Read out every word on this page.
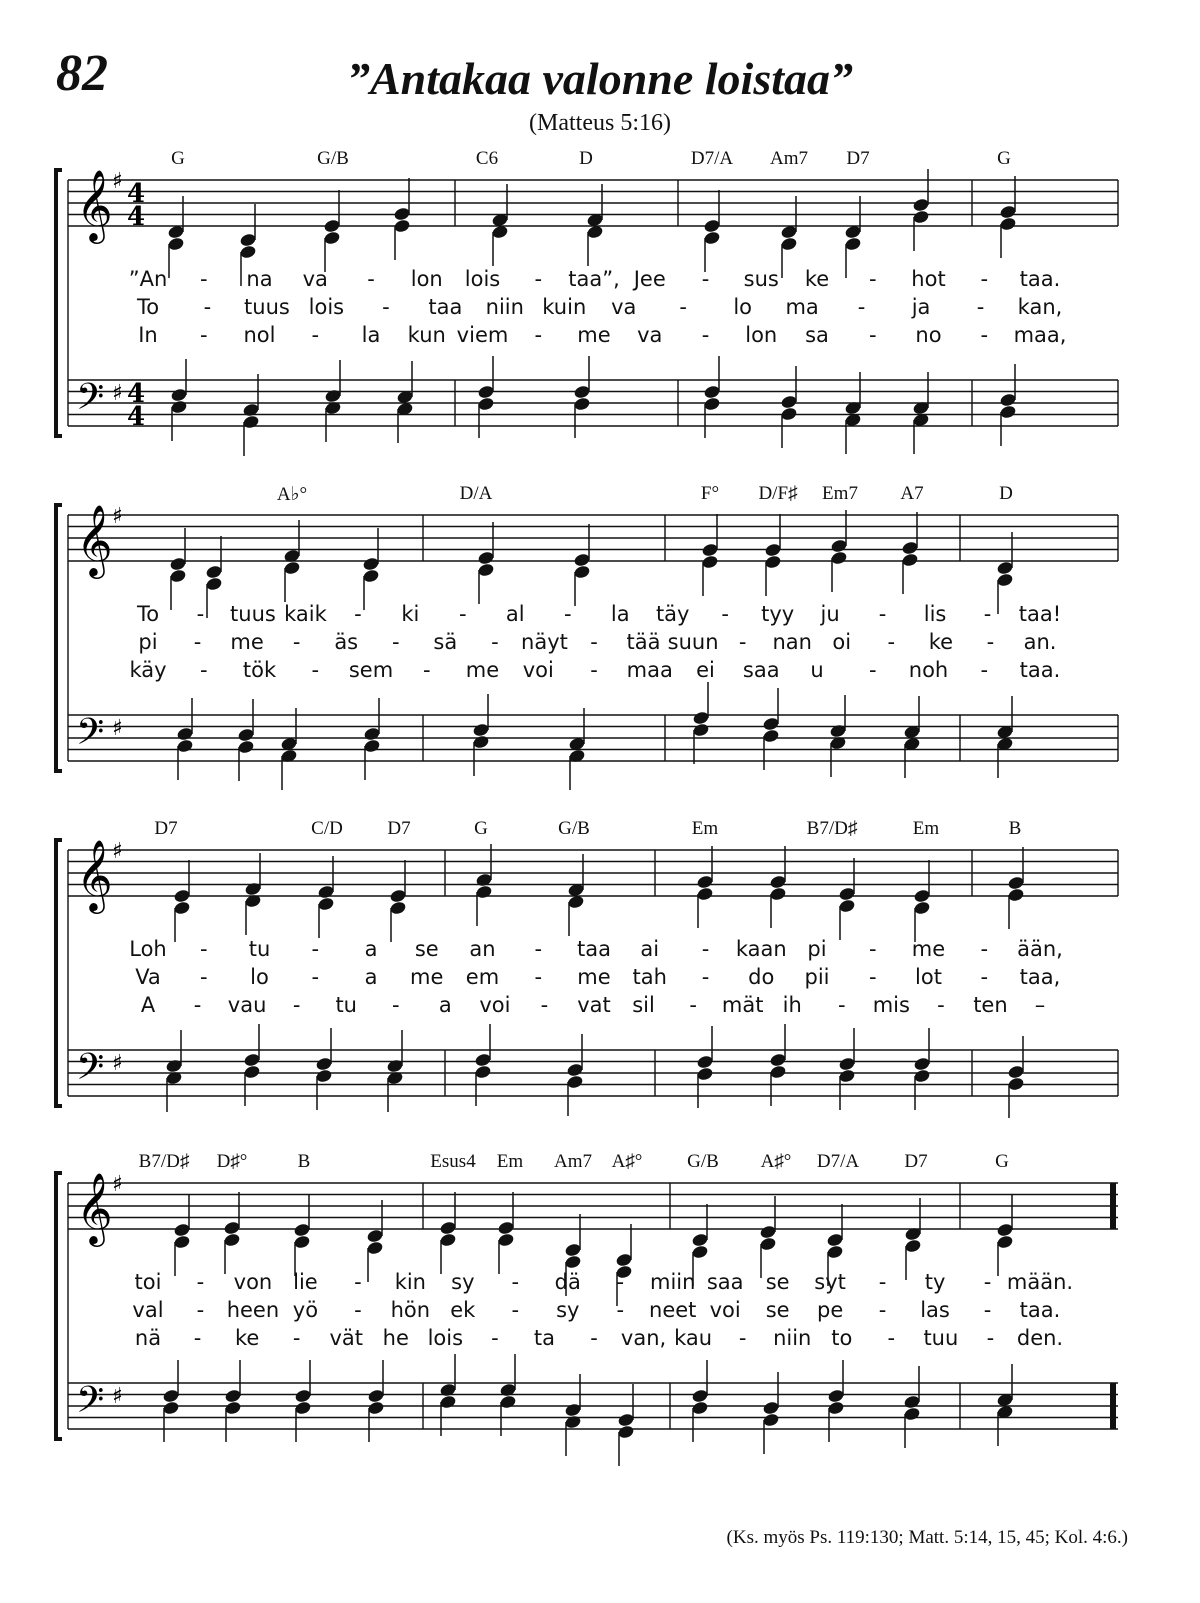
82	”Antakaa valonne loistaa”
(Matteus 5:16)
𝄞
𝄢
♯
♯
4
4
4
4
G	G/B	C6	D	D7/A Am7 D7	G
”An - na va - lon lois - taa”, Jee - sus ke - hot - taa.
To - tuus lois - taa niin kuin va - lo ma - ja - kan,
In - nol - la kun viem - me va - lon sa - no - maa,
𝄞
𝄢
♯
♯
A♭°	D/A	F° D/F♯ Em7 A7	D
To - tuus kaik - ki - al - la täy - tyy ju - lis - taa!
pi - me - äs - sä - näyt - tää suun - nan oi - ke - an.
käy - tök - sem - me voi - maa ei saa u - noh - taa.
𝄞
𝄢
♯
♯
D7	C/D D7	G	G/B	Em	B7/D♯	Em	B
Loh - tu - a se an - taa ai - kaan pi - me - ään,
Va - lo - a me em - me tah - do pii - lot - taa,
A - vau - tu - a voi - vat sil - mät ih - mis - ten –
𝄞
𝄢
♯
♯
B7/D♯ D♯°	B	Esus4 Em Am7 A♯° G/B A♯° D7/A D7	G
toi - von lie - kin sy - dä - miin saa se syt - ty - mään.
val - heen yö - hön ek - sy - neet voi se pe - las - taa.
nä - ke - vät he lois - ta - van, kau - niin to - tuu - den.
(Ks. myös Ps. 119:130; Matt. 5:14, 15, 45; Kol. 4:6.)
